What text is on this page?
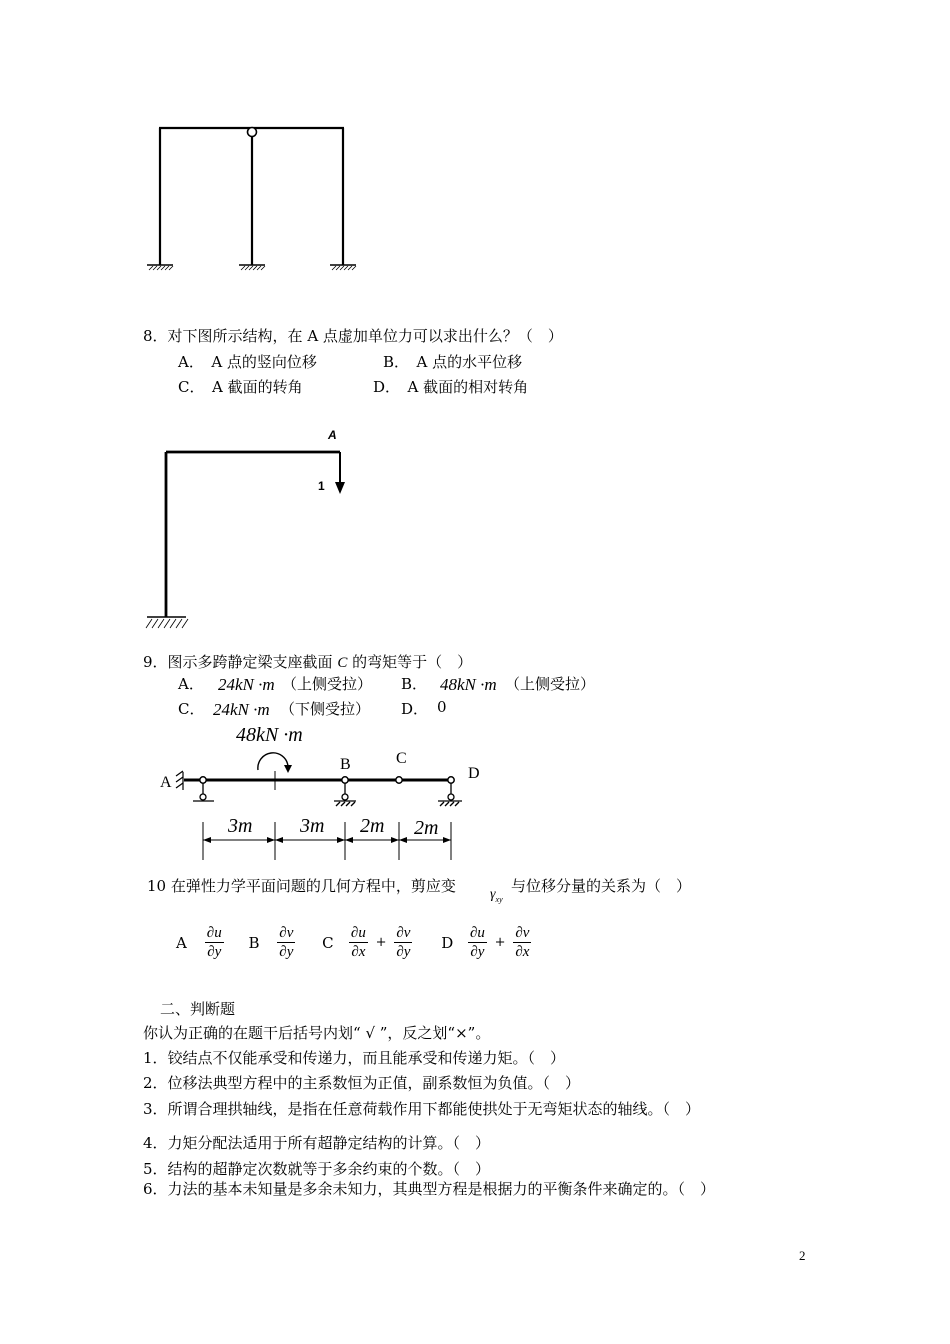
8．对下图所示结构，在 A 点虚加单位力可以求出什么？（　）
A．　A 点的竖向位移	B．　A 点的水平位移
C．　A 截面的转角	D．　A 截面的相对转角
A
1
9．图示多跨静定梁支座截面 C 的弯矩等于（　）
A． 24kN ·m （上侧受拉） B． 48kN ·m （上侧受拉）
C． 24kN ·m （下侧受拉） D． 0
48kN ·m
A
B	C
D
3m 3m 2m 2m
10 在弹性力学平面问题的几何方程中，剪应变 $\gamma_{xy}$
与位移分量的关系为（　）
A $\frac{\partial u}{\partial y}$ B $\frac{\partial v}{\partial y}$ C $\frac{\partial u}{\partial x} + \frac{\partial v}{\partial y}$ D $\frac{\partial u}{\partial y} + \frac{\partial v}{\partial x}$
二、判断题
你认为正确的在题干后括号内划“ √ ”，反之划“×”。
1．铰结点不仅能承受和传递力，而且能承受和传递力矩。（　）
2．位移法典型方程中的主系数恒为正值，副系数恒为负值。（　）
3．所谓合理拱轴线，是指在任意荷载作用下都能使拱处于无弯矩状态的轴线。（　）
4．力矩分配法适用于所有超静定结构的计算。（　）
5．结构的超静定次数就等于多余约束的个数。（　）
6．力法的基本未知量是多余未知力，其典型方程是根据力的平衡条件来确定的。（　）
2
